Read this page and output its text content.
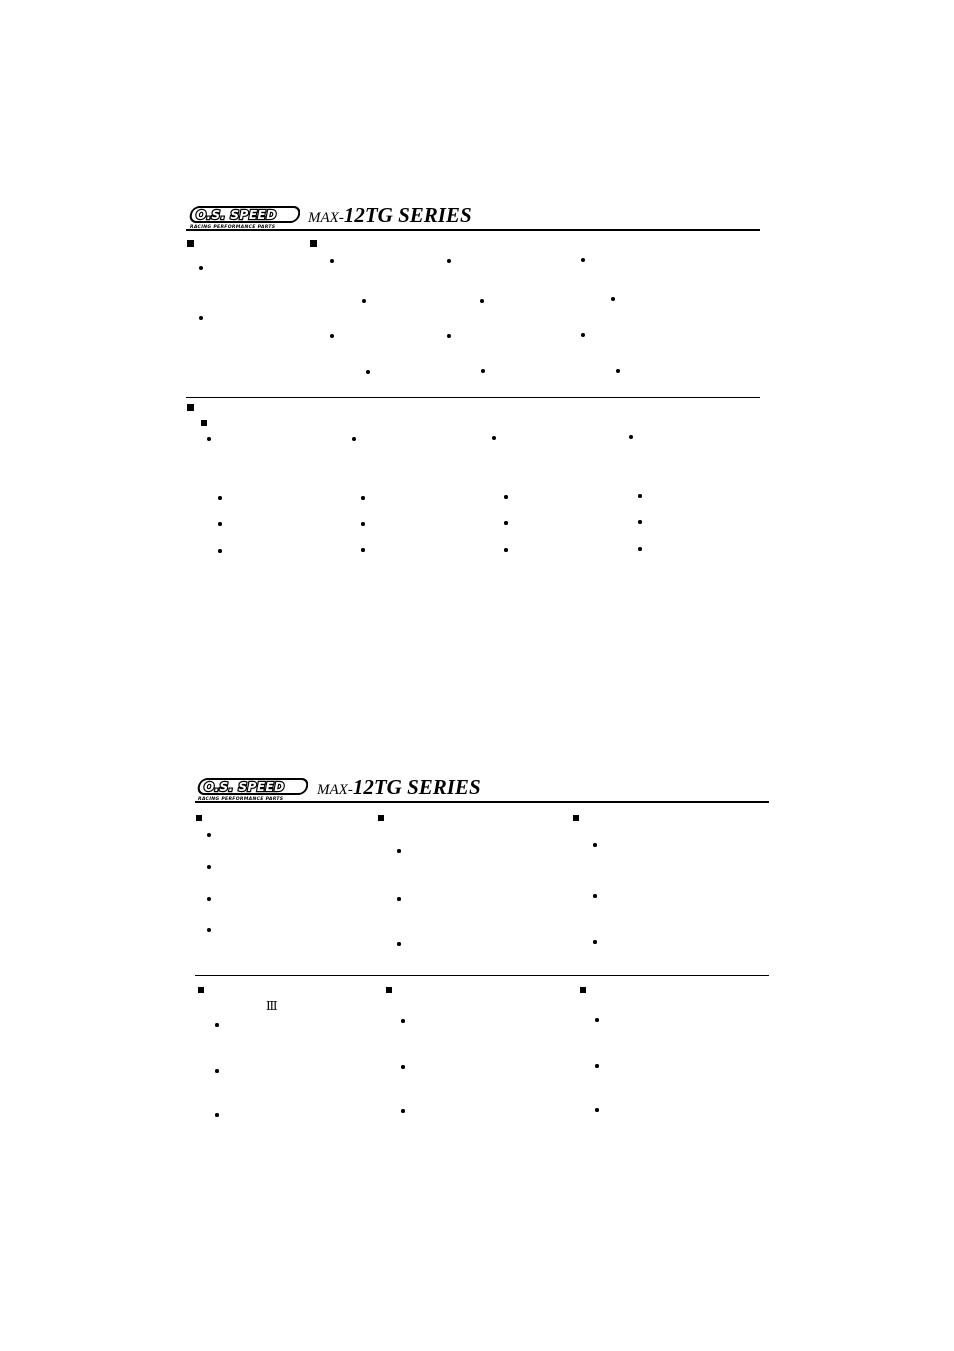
O.S. SPEED
RACING PERFORMANCE PARTS
MAX-12TG SERIES
O.S. SPEED
RACING PERFORMANCE PARTS
MAX-12TG SERIES
Ⅲ
